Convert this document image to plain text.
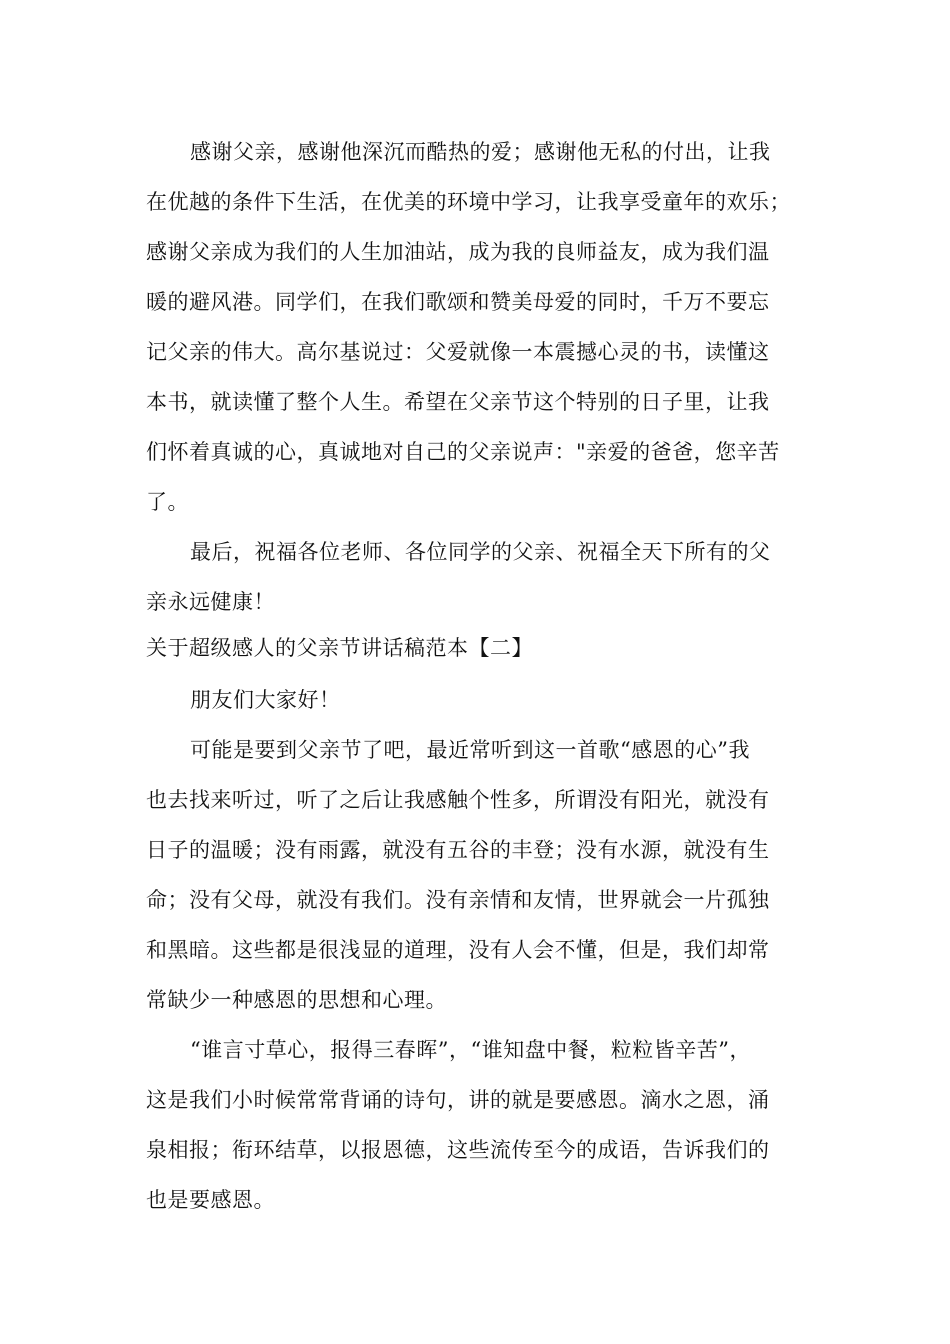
感谢父亲，感谢他深沉而酷热的爱；感谢他无私的付出，让我
在优越的条件下生活，在优美的环境中学习，让我享受童年的欢乐；
感谢父亲成为我们的人生加油站，成为我的良师益友，成为我们温
暖的避风港。同学们，在我们歌颂和赞美母爱的同时，千万不要忘
记父亲的伟大。高尔基说过：父爱就像一本震撼心灵的书，读懂这
本书，就读懂了整个人生。希望在父亲节这个特别的日子里，让我
们怀着真诚的心，真诚地对自己的父亲说声："亲爱的爸爸，您辛苦
了。
最后，祝福各位老师、各位同学的父亲、祝福全天下所有的父
亲永远健康！
关于超级感人的父亲节讲话稿范本【二】
朋友们大家好！
可能是要到父亲节了吧，最近常听到这一首歌“感恩的心”我
也去找来听过，听了之后让我感触个性多，所谓没有阳光，就没有
日子的温暖；没有雨露，就没有五谷的丰登；没有水源，就没有生
命；没有父母，就没有我们。没有亲情和友情，世界就会一片孤独
和黑暗。这些都是很浅显的道理，没有人会不懂，但是，我们却常
常缺少一种感恩的思想和心理。
“谁言寸草心，报得三春晖”，“谁知盘中餐，粒粒皆辛苦”，
这是我们小时候常常背诵的诗句，讲的就是要感恩。滴水之恩，涌
泉相报；衔环结草，以报恩德，这些流传至今的成语，告诉我们的
也是要感恩。
